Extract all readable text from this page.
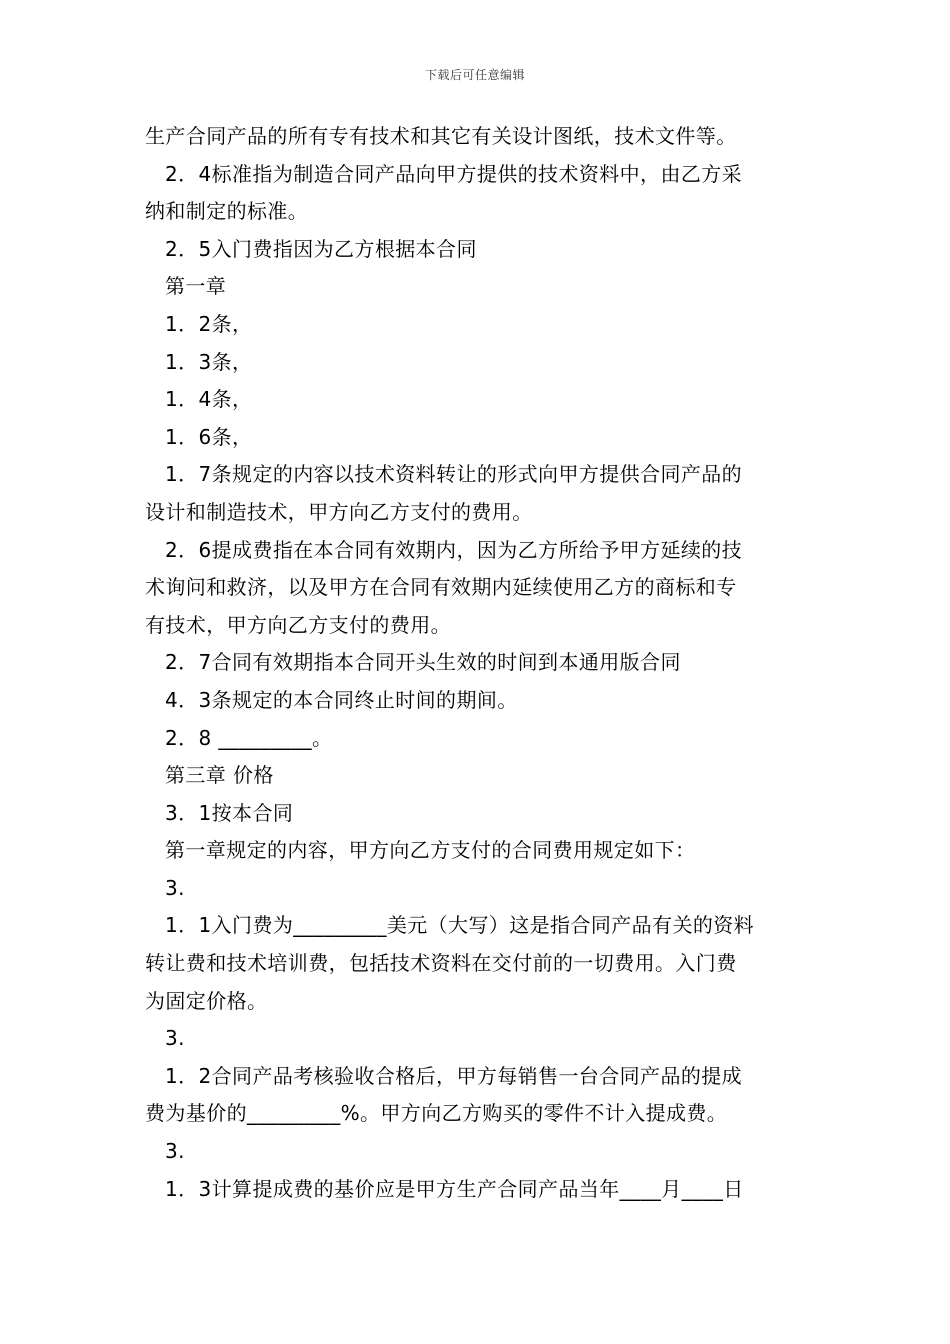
下载后可任意编辑
生产合同产品的所有专有技术和其它有关设计图纸，技术文件等。
2．4标准指为制造合同产品向甲方提供的技术资料中，由乙方采
纳和制定的标准。
2．5入门费指因为乙方根据本合同
第一章
1．2条，
1．3条，
1．4条，
1．6条，
1．7条规定的内容以技术资料转让的形式向甲方提供合同产品的
设计和制造技术，甲方向乙方支付的费用。
2．6提成费指在本合同有效期内，因为乙方所给予甲方延续的技
术询问和救济，以及甲方在合同有效期内延续使用乙方的商标和专
有技术，甲方向乙方支付的费用。
2．7合同有效期指本合同开头生效的时间到本通用版合同
4．3条规定的本合同终止时间的期间。
2．8 _________。
第三章 价格
3．1按本合同
第一章规定的内容，甲方向乙方支付的合同费用规定如下：
3.
1．1入门费为_________美元（大写）这是指合同产品有关的资料
转让费和技术培训费，包括技术资料在交付前的一切费用。入门费
为固定价格。
3.
1．2合同产品考核验收合格后，甲方每销售一台合同产品的提成
费为基价的_________%。甲方向乙方购买的零件不计入提成费。
3.
1．3计算提成费的基价应是甲方生产合同产品当年____月____日
